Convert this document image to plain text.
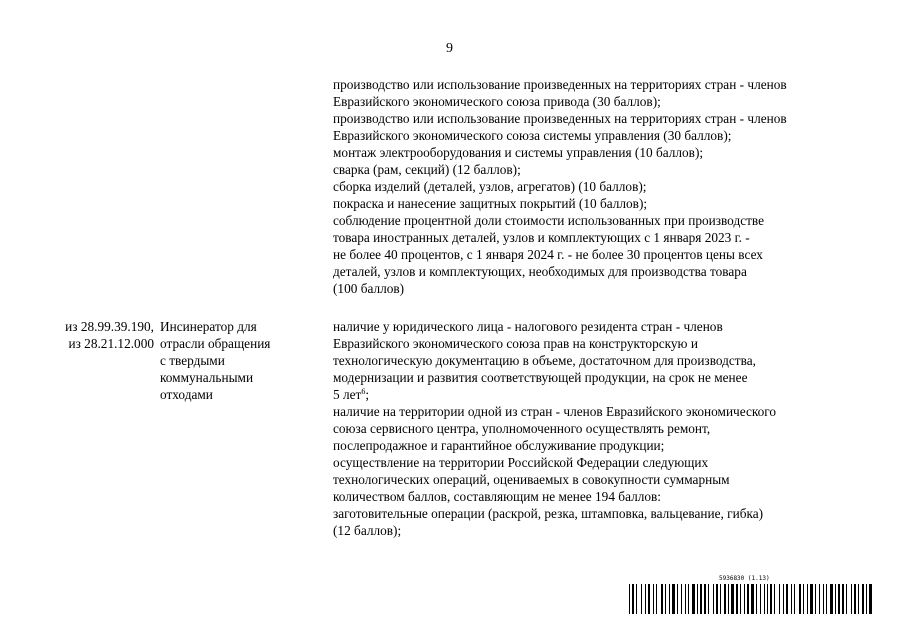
9
производство или использование произведенных на территориях стран - членов
Евразийского экономического союза привода (30 баллов);
производство или использование произведенных на территориях стран - членов
Евразийского экономического союза системы управления (30 баллов);
монтаж электрооборудования и системы управления (10 баллов);
сварка (рам, секций) (12 баллов);
сборка изделий (деталей, узлов, агрегатов) (10 баллов);
покраска и нанесение защитных покрытий (10 баллов);
соблюдение процентной доли стоимости использованных при производстве
товара иностранных деталей, узлов и комплектующих с 1 января 2023 г. -
не более 40 процентов, с 1 января 2024 г. - не более 30 процентов цены всех
деталей, узлов и комплектующих, необходимых для производства товара
(100 баллов)
из 28.99.39.190,
из 28.21.12.000
Инсинератор для
отрасли обращения
с твердыми
коммунальными
отходами
наличие у юридического лица - налогового резидента стран - членов
Евразийского экономического союза прав на конструкторскую и
технологическую документацию в объеме, достаточном для производства,
модернизации и развития соответствующей продукции, на срок не менее
5 лет$^6$;
наличие на территории одной из стран - членов Евразийского экономического
союза сервисного центра, уполномоченного осуществлять ремонт,
послепродажное и гарантийное обслуживание продукции;
осуществление на территории Российской Федерации следующих
технологических операций, оцениваемых в совокупности суммарным
количеством баллов, составляющим не менее 194 баллов:
заготовительные операции (раскрой, резка, штамповка, вальцевание, гибка)
(12 баллов);
5936830 (1.13)
